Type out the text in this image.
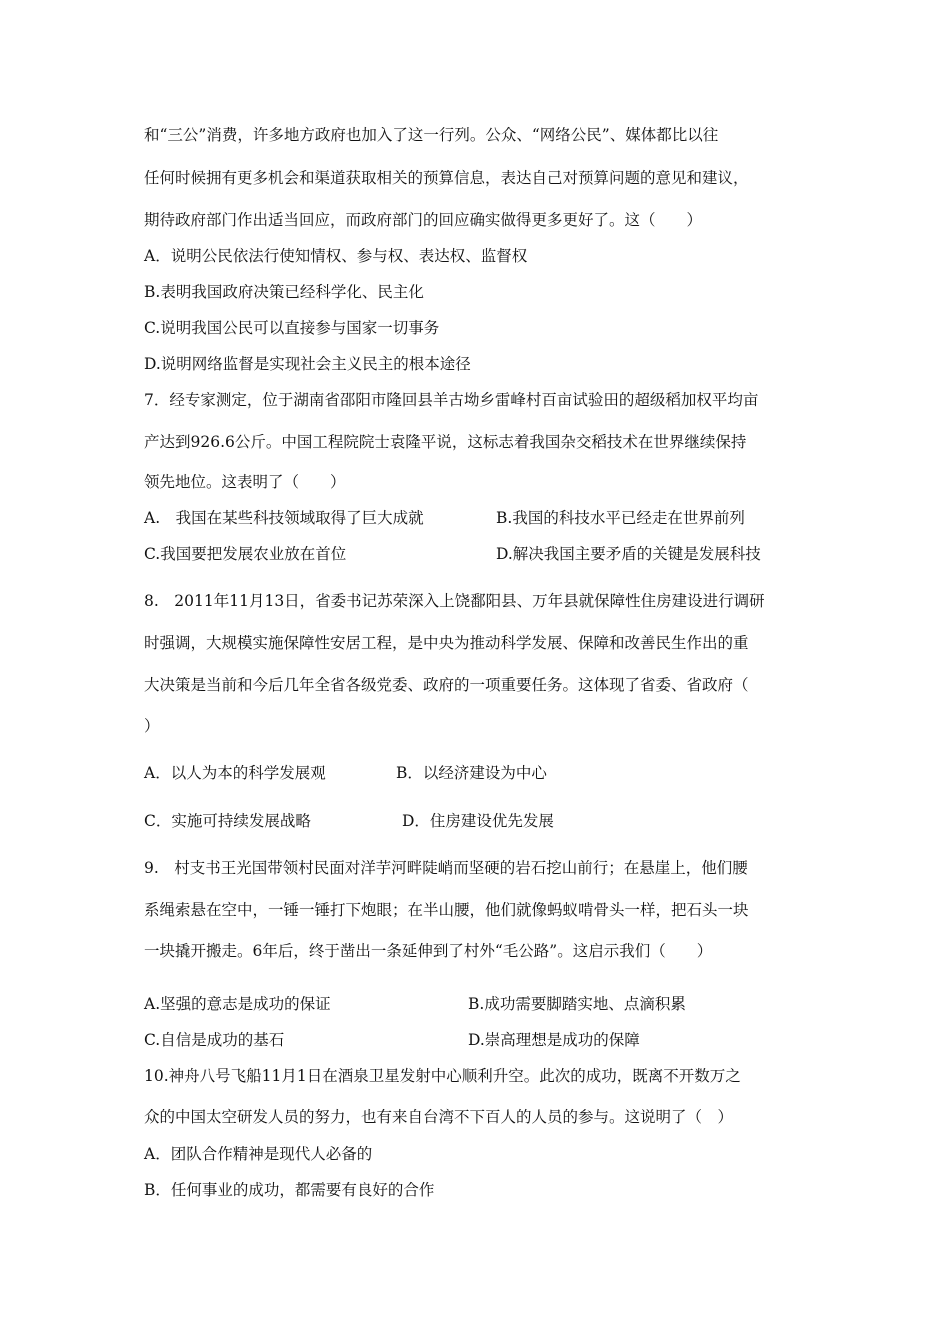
和“三公”消费，许多地方政府也加入了这一行列。公众、“网络公民”、媒体都比以往
任何时候拥有更多机会和渠道获取相关的预算信息，表达自己对预算问题的意见和建议，
期待政府部门作出适当回应，而政府部门的回应确实做得更多更好了。这（　　）
A．说明公民依法行使知情权、参与权、表达权、监督权
B.表明我国政府决策已经科学化、民主化
C.说明我国公民可以直接参与国家一切事务
D.说明网络监督是实现社会主义民主的根本途径
7．经专家测定，位于湖南省邵阳市隆回县羊古坳乡雷峰村百亩试验田的超级稻加权平均亩
产达到926.6公斤。中国工程院院士袁隆平说，这标志着我国杂交稻技术在世界继续保持
领先地位。这表明了（　　）
A.　我国在某些科技领域取得了巨大成就	B.我国的科技水平已经走在世界前列
C.我国要把发展农业放在首位	D.解决我国主要矛盾的关键是发展科技
8.　2011年11月13日，省委书记苏荣深入上饶鄱阳县、万年县就保障性住房建设进行调研
时强调，大规模实施保障性安居工程，是中央为推动科学发展、保障和改善民生作出的重
大决策是当前和今后几年全省各级党委、政府的一项重要任务。这体现了省委、省政府（
）
A．以人为本的科学发展观	B．以经济建设为中心
C．实施可持续发展战略	D．住房建设优先发展
9.　村支书王光国带领村民面对洋芋河畔陡峭而坚硬的岩石挖山前行；在悬崖上，他们腰
系绳索悬在空中，一锤一锤打下炮眼；在半山腰，他们就像蚂蚁啃骨头一样，把石头一块
一块撬开搬走。6年后，终于凿出一条延伸到了村外“毛公路”。这启示我们（　　）
A.坚强的意志是成功的保证	B.成功需要脚踏实地、点滴积累
C.自信是成功的基石	D.崇高理想是成功的保障
10.神舟八号飞船11月1日在酒泉卫星发射中心顺利升空。此次的成功，既离不开数万之
众的中国太空研发人员的努力，也有来自台湾不下百人的人员的参与。这说明了（　）
A．团队合作精神是现代人必备的
B．任何事业的成功，都需要有良好的合作
